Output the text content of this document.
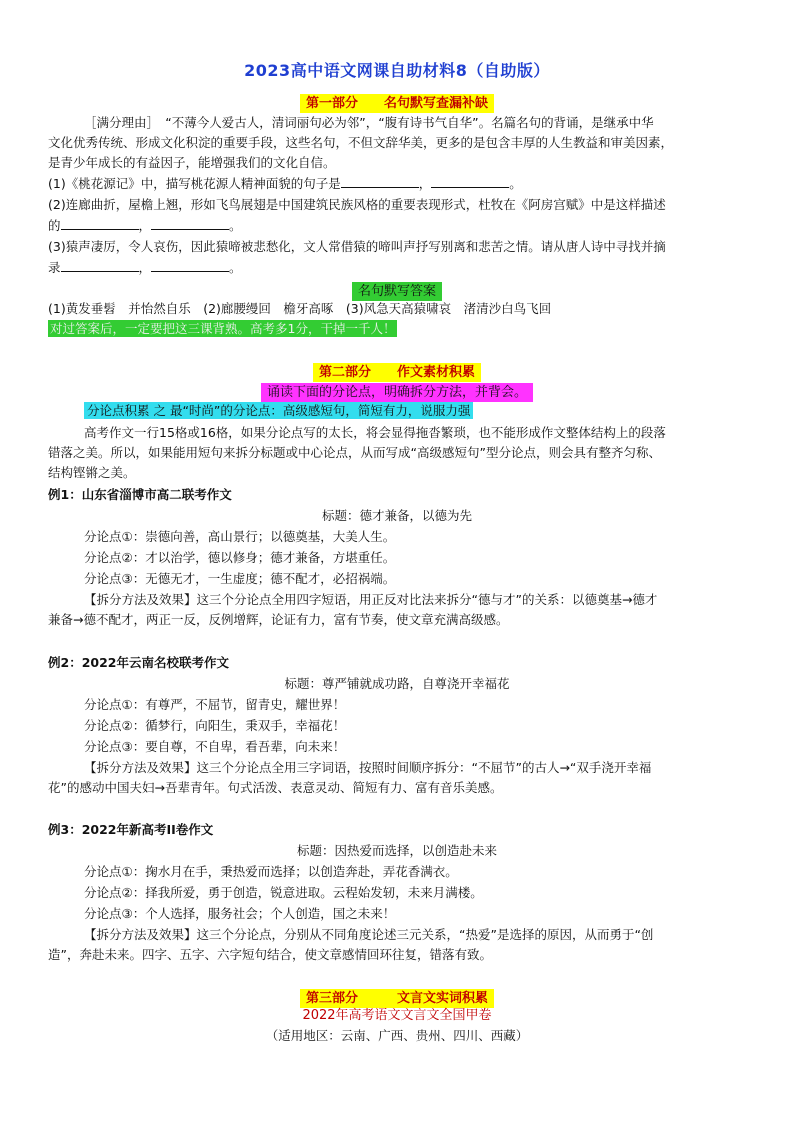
2023高中语文网课自助材料8（自助版）
第一部分　　名句默写查漏补缺
［满分理由］　“不薄今人爱古人，清词丽句必为邻”，“腹有诗书气自华”。名篇名句的背诵，是继承中华
文化优秀传统、形成文化积淀的重要手段，这些名句，不但文辞华美，更多的是包含丰厚的人生教益和审美因素，
是青少年成长的有益因子，能增强我们的文化自信。
(1)《桃花源记》中，描写桃花源人精神面貌的句子是	，	。
(2)连廊曲折，屋檐上翘，形如飞鸟展翅是中国建筑民族风格的重要表现形式，杜牧在《阿房宫赋》中是这样描述
的	，	。
(3)猿声凄厉，令人哀伤，因此猿啼被悲愁化，文人常借猿的啼叫声抒写别离和悲苦之情。请从唐人诗中寻找并摘
录	，	。
名句默写答案
(1)黄发垂髫　并怡然自乐　(2)廊腰缦回　檐牙高啄　(3)风急天高猿啸哀　渚清沙白鸟飞回
对过答案后，一定要把这三课背熟。高考多1分，干掉一千人！
第二部分　　作文素材积累
诵读下面的分论点，明确拆分方法，并背会。
分论点积累 之 最“时尚”的分论点：高级感短句，简短有力，说服力强
高考作文一行15格或16格，如果分论点写的太长，将会显得拖沓繁琐，也不能形成作文整体结构上的段落
错落之美。所以，如果能用短句来拆分标题或中心论点，从而写成“高级感短句”型分论点，则会具有整齐匀称、
结构铿锵之美。
例1：山东省淄博市高二联考作文
标题：德才兼备，以德为先
分论点①：崇德向善，高山景行；以德奠基，大美人生。
分论点②：才以治学，德以修身；德才兼备，方堪重任。
分论点③：无德无才，一生虚度；德不配才，必招祸端。
【拆分方法及效果】这三个分论点全用四字短语，用正反对比法来拆分“德与才”的关系：以德奠基→德才
兼备→德不配才，两正一反，反例增辉，论证有力，富有节奏，使文章充满高级感。
例2：2022年云南名校联考作文
标题：尊严铺就成功路，自尊浇开幸福花
分论点①：有尊严，不屈节，留青史，耀世界！
分论点②：循梦行，向阳生，秉双手，幸福花！
分论点③：要自尊，不自卑，看吾辈，向未来！
【拆分方法及效果】这三个分论点全用三字词语，按照时间顺序拆分：“不屈节”的古人→“双手浇开幸福
花”的感动中国夫妇→吾辈青年。句式活泼、表意灵动、简短有力、富有音乐美感。
例3：2022年新高考II卷作文
标题：因热爱而选择，以创造赴未来
分论点①：掬水月在手，秉热爱而选择；以创造奔赴，弄花香满衣。
分论点②：择我所爱，勇于创造，锐意进取。云程始发轫，未来月满楼。
分论点③：个人选择，服务社会；个人创造，国之未来！
【拆分方法及效果】这三个分论点，分别从不同角度论述三元关系，“热爱”是选择的原因，从而勇于“创
造”，奔赴未来。四字、五字、六字短句结合，使文章感情回环往复，错落有致。
第三部分　　　文言文实词积累
2022年高考语文文言文全国甲卷
（适用地区：云南、广西、贵州、四川、西藏）
